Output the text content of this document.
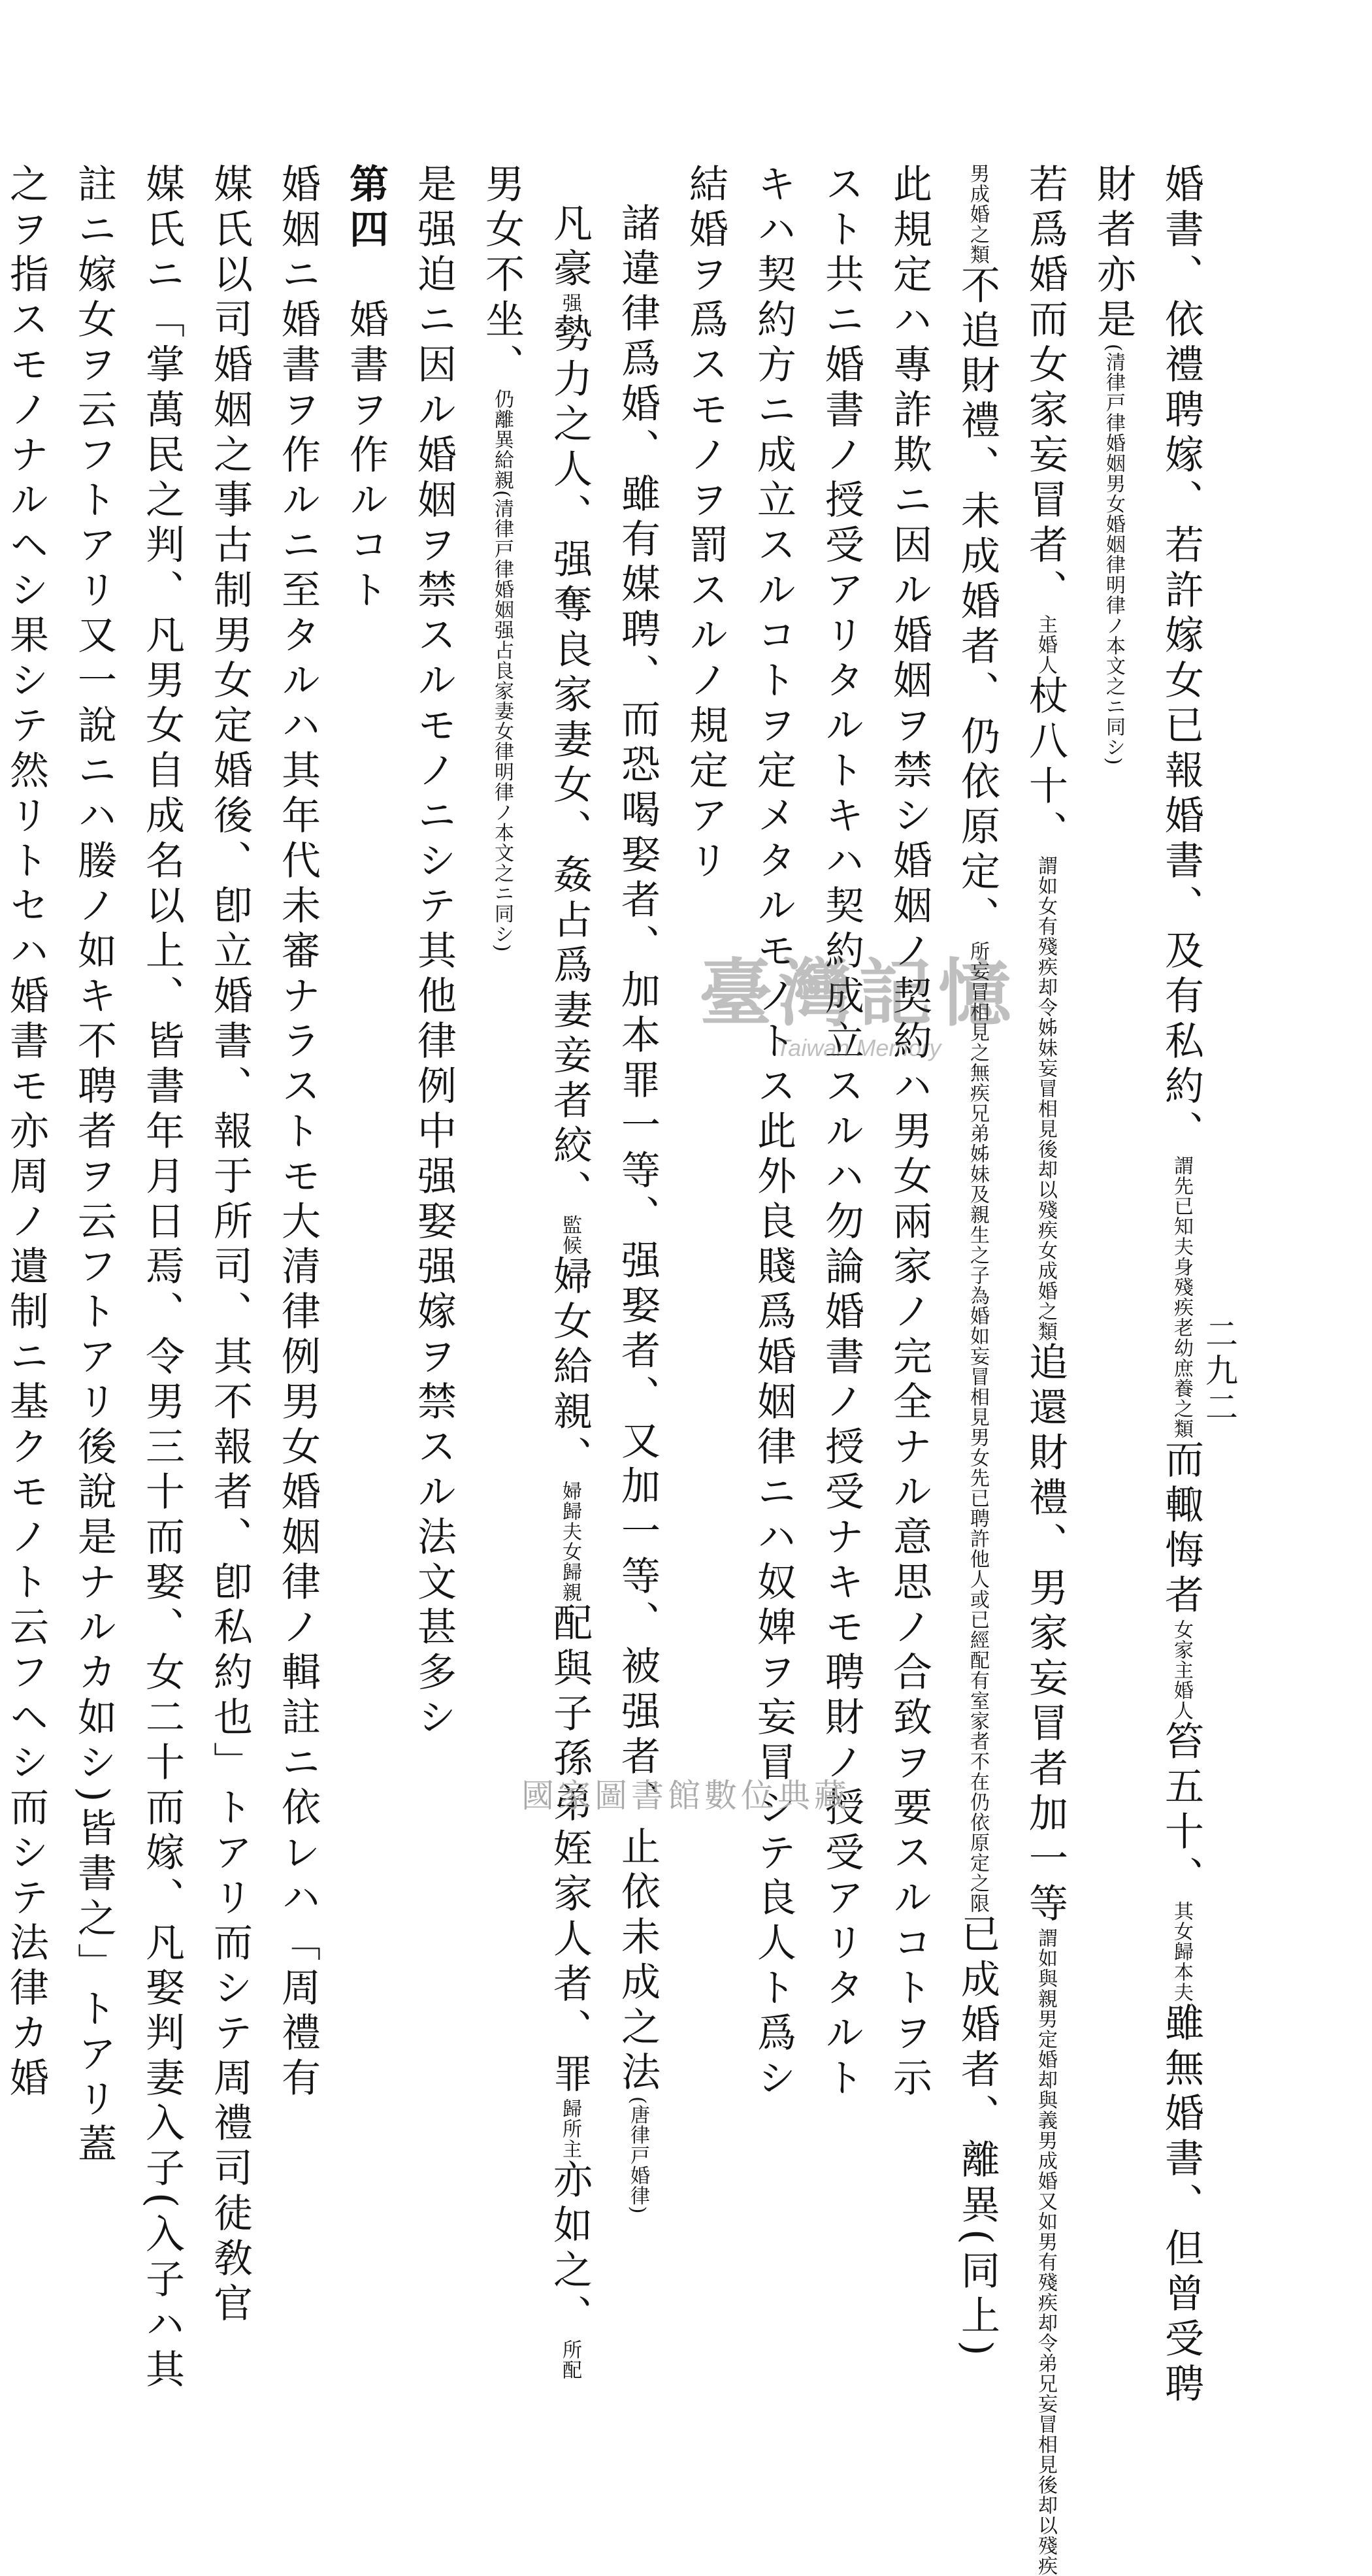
二九二
婚書、依禮聘嫁、若許嫁女已報婚書、及有私約、謂先已知夫身殘疾老幼庶養之類而輙悔者女家主婚人笞五十、其女歸本夫雖無婚書、但曾受聘
財者亦是(清律戸律婚姻男女婚姻律明律ノ本文之ニ同シ)
若爲婚而女家妄冒者、主婚人杖八十、謂如女有殘疾却令姊妹妄冒相見後却以殘疾女成婚之類追還財禮、男家妄冒者加一等謂如與親男定婚却與義男成婚又如男有殘疾却令弟兄妄冒相見後却以殘疾
男成婚之類不追財禮、未成婚者、仍依原定、所妄冒相見之無疾兄弟姊妹及親生之子為婚如妄冒相見男女先已聘許他人或已經配有室家者不在仍依原定之限已成婚者、離異(同上)
此規定ハ專詐欺ニ因ル婚姻ヲ禁シ婚姻ノ契約ハ男女兩家ノ完全ナル意思ノ合致ヲ要スルコトヲ示
スト共ニ婚書ノ授受アリタルトキハ契約成立スルハ勿論婚書ノ授受ナキモ聘財ノ授受アリタルト
キハ契約方ニ成立スルコトヲ定メタルモノトス此外良賤爲婚姻律ニハ奴婢ヲ妄冒シテ良人ト爲シ
結婚ヲ爲スモノヲ罰スルノ規定アリ
諸違律爲婚、雖有媒聘、而恐喝娶者、加本罪一等、强娶者、又加一等、被强者、止依未成之法(唐律戸婚律)
凡豪强勢力之人、强奪良家妻女、姦占爲妻妾者絞、監候婦女給親、婦歸夫女歸親配與子孫弟姪家人者、罪歸所主亦如之、所配
男女不坐、仍離異給親(清律戸律婚姻强占良家妻女律明律ノ本文之ニ同シ)
是强迫ニ因ル婚姻ヲ禁スルモノニシテ其他律例中强娶强嫁ヲ禁スル法文甚多シ
第四　婚書ヲ作ルコト
婚姻ニ婚書ヲ作ルニ至タルハ其年代未審ナラストモ大清律例男女婚姻律ノ輯註ニ依レハ「周禮有
媒氏以司婚姻之事古制男女定婚後、卽立婚書、報于所司、其不報者、卽私約也」トアリ而シテ周禮司徒敎官
媒氏ニ「掌萬民之判、凡男女自成名以上、皆書年月日焉、令男三十而娶、女二十而嫁、凡娶判妻入子(入子ハ其
註ニ嫁女ヲ云フトアリ又一說ニハ媵ノ如キ不聘者ヲ云フトアリ後說是ナルカ如シ)皆書之」トアリ蓋
之ヲ指スモノナルヘシ果シテ然リトセハ婚書モ亦周ノ遺制ニ基クモノト云フヘシ而シテ法律カ婚	臺灣記憶
Taiwan Memory
國家圖書館數位典藏
